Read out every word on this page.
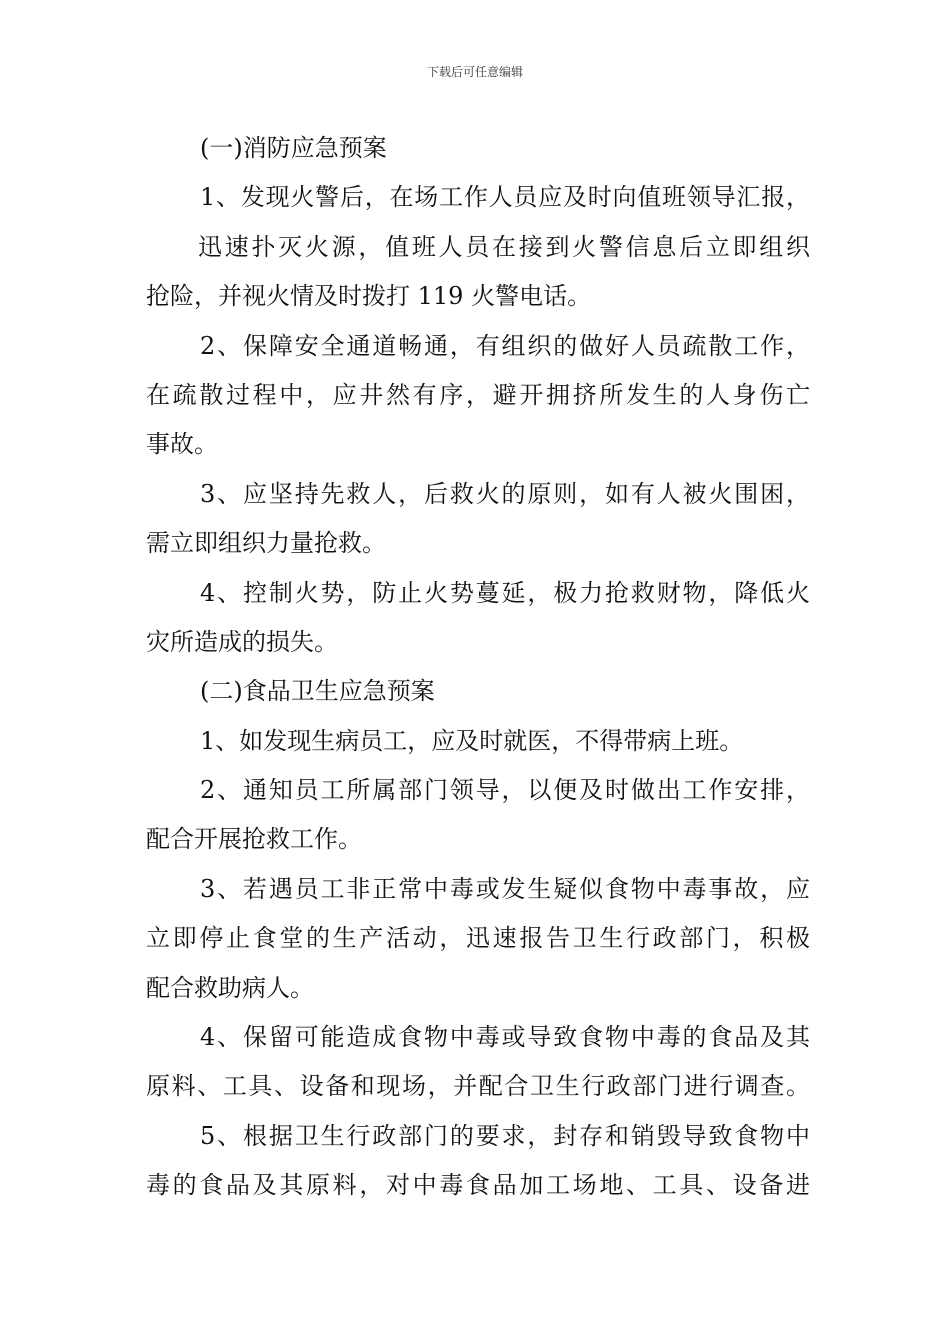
下载后可任意编辑
(一)消防应急预案
1、发现火警后，在场工作人员应及时向值班领导汇报，
迅速扑灭火源，值班人员在接到火警信息后立即组织
抢险，并视火情及时拨打 119 火警电话。
2、保障安全通道畅通，有组织的做好人员疏散工作，
在疏散过程中，应井然有序，避开拥挤所发生的人身伤亡
事故。
3、应坚持先救人，后救火的原则，如有人被火围困，
需立即组织力量抢救。
4、控制火势，防止火势蔓延，极力抢救财物，降低火
灾所造成的损失。
(二)食品卫生应急预案
1、如发现生病员工，应及时就医，不得带病上班。
2、通知员工所属部门领导，以便及时做出工作安排，
配合开展抢救工作。
3、若遇员工非正常中毒或发生疑似食物中毒事故，应
立即停止食堂的生产活动，迅速报告卫生行政部门，积极
配合救助病人。
4、保留可能造成食物中毒或导致食物中毒的食品及其
原料、工具、设备和现场，并配合卫生行政部门进行调查。
5、根据卫生行政部门的要求，封存和销毁导致食物中
毒的食品及其原料，对中毒食品加工场地、工具、设备进
